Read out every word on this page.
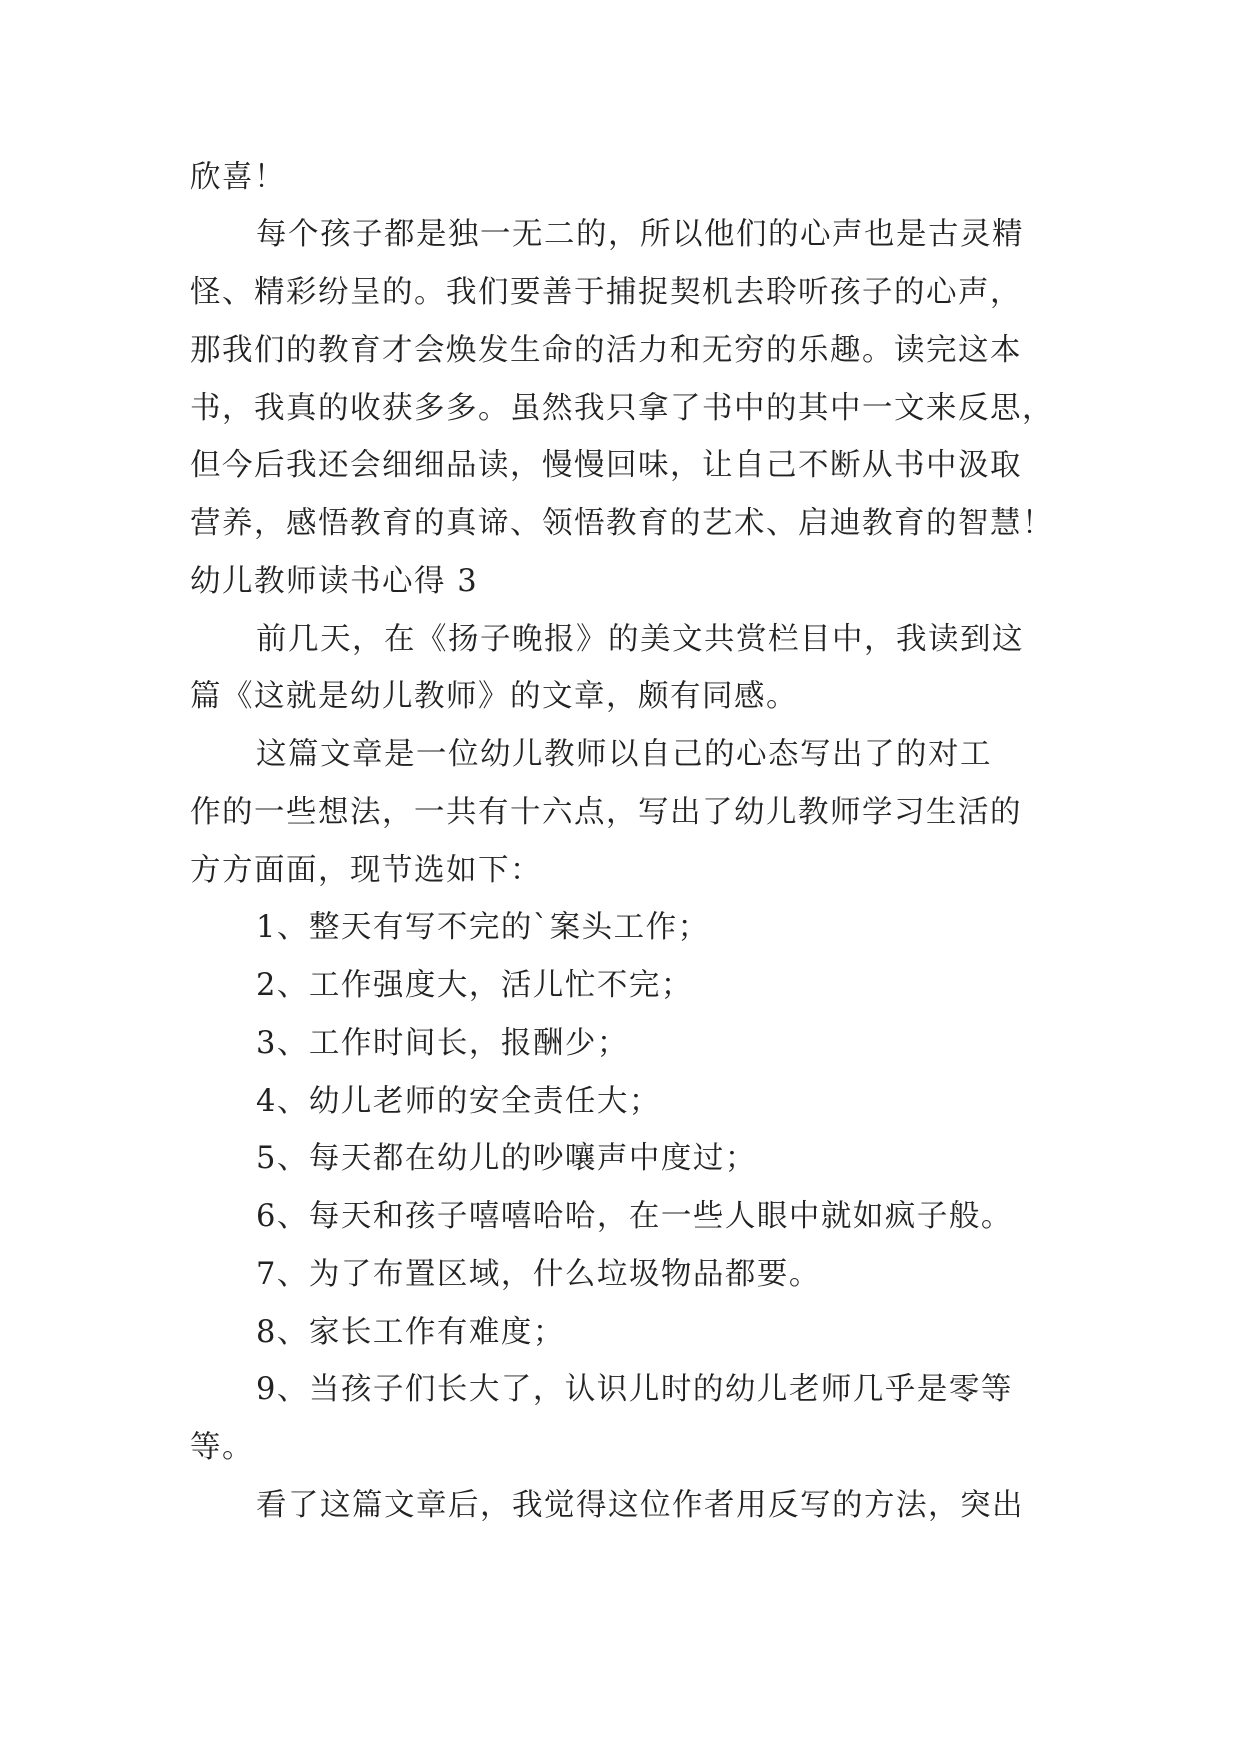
欣喜！
每个孩子都是独一无二的，所以他们的心声也是古灵精
怪、精彩纷呈的。我们要善于捕捉契机去聆听孩子的心声，
那我们的教育才会焕发生命的活力和无穷的乐趣。读完这本
书，我真的收获多多。虽然我只拿了书中的其中一文来反思，
但今后我还会细细品读，慢慢回味，让自己不断从书中汲取
营养，感悟教育的真谛、领悟教育的艺术、启迪教育的智慧！
幼儿教师读书心得 3
前几天，在《扬子晚报》的美文共赏栏目中，我读到这
篇《这就是幼儿教师》的文章，颇有同感。
这篇文章是一位幼儿教师以自己的心态写出了的对工
作的一些想法，一共有十六点，写出了幼儿教师学习生活的
方方面面，现节选如下：
1、整天有写不完的`案头工作；
2、工作强度大，活儿忙不完；
3、工作时间长，报酬少；
4、幼儿老师的安全责任大；
5、每天都在幼儿的吵嚷声中度过；
6、每天和孩子嘻嘻哈哈，在一些人眼中就如疯子般。
7、为了布置区域，什么垃圾物品都要。
8、家长工作有难度；
9、当孩子们长大了，认识儿时的幼儿老师几乎是零等
等。
看了这篇文章后，我觉得这位作者用反写的方法，突出
